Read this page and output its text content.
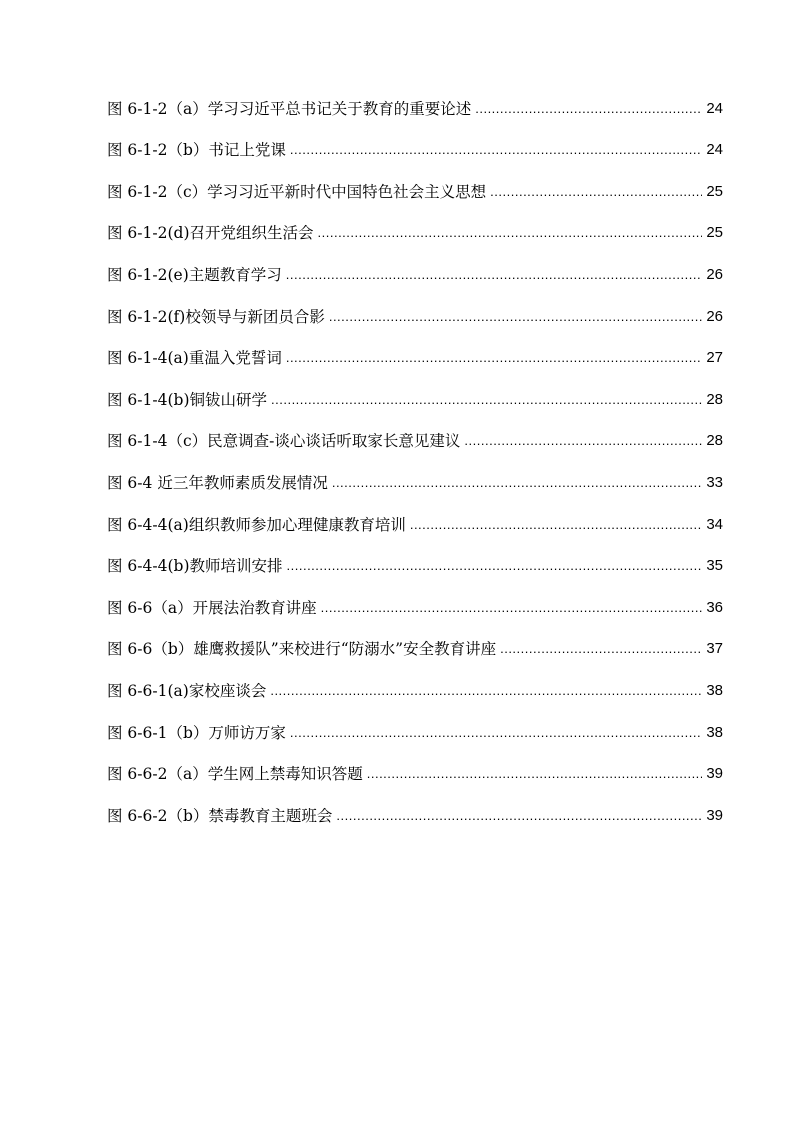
图 6-1-2（a）学习习近平总书记关于教育的重要论述 .....	24
图 6-1-2（b）书记上党课 .....	24
图 6-1-2（c）学习习近平新时代中国特色社会主义思想 .....	25
图 6-1-2(d)召开党组织生活会 .....	25
图 6-1-2(e)主题教育学习 .....	26
图 6-1-2(f)校领导与新团员合影 .....	26
图 6-1-4(a)重温入党誓词 .....	27
图 6-1-4(b)铜钹山研学 .....	28
图 6-1-4（c）民意调查-谈心谈话听取家长意见建议 .....	28
图 6-4 近三年教师素质发展情况 .....	33
图 6-4-4(a)组织教师参加心理健康教育培训 .....	34
图 6-4-4(b)教师培训安排 .....	35
图 6-6（a）开展法治教育讲座 .....	36
图 6-6（b）雄鹰救援队”来校进行“防溺水”安全教育讲座 .....	37
图 6-6-1(a)家校座谈会 .....	38
图 6-6-1（b）万师访万家 .....	38
图 6-6-2（a）学生网上禁毒知识答题 .....	39
图 6-6-2（b）禁毒教育主题班会 .....	39
